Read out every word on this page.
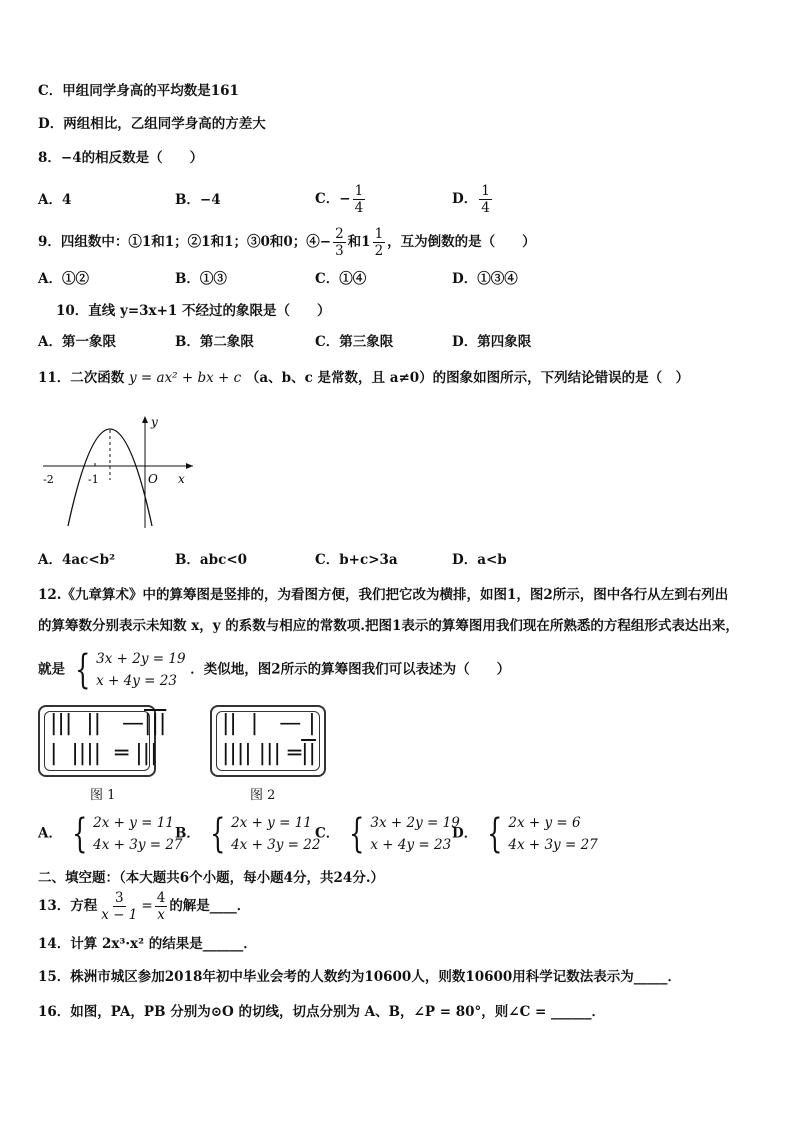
C．甲组同学身高的平均数是161
D．两组相比，乙组同学身高的方差大
8．−4的相反数是（　　）
A．4	B．−4	C．− $\frac{1}{4}$	D． $\frac{1}{4}$
9．四组数中：①1和1；②1和1；③0和0；④− $\frac{2}{3}$ 和$1 \frac{1}{2}$ ，互为倒数的是（　　）
A．①②	B．①③	C．①④	D．①③④
10．直线 y=3x+1 不经过的象限是（　　）
A．第一象限	B．第二象限	C．第三象限	D．第四象限
11．二次函数 y = ax² + bx + c （a、b、c 是常数，且 a≠0）的图象如图所示，下列结论错误的是（　）
y
x
O
-2	-1
A．4ac<b²	B．abc<0	C．b+c>3a	D．a<b
12.《九章算术》中的算筹图是竖排的，为看图方便，我们把它改为横排，如图1，图2所示，图中各行从左到右列出
的算筹数分别表示未知数 x，y 的系数与相应的常数项.把图1表示的算筹图用我们现在所熟悉的方程组形式表达出来，
就是 { 3x + 2y = 19
x + 4y = 23
．类似地，图2所示的算筹图我们可以表述为（　　）
|||  ||   —|||
|  ||||  ═ |||
图 1
||  |   — |
|||| ||| ═||
图 2
A． { 2x + y = 11
4x + 3y = 27
B． { 2x + y = 11
4x + 3y = 22
C． { 3x + 2y = 19
x + 4y = 23
D． { 2x + y = 6
4x + 3y = 27
二、填空题：（本大题共6个小题，每小题4分，共24分.）
13．方程 $\frac{3}{x - 1} = \frac{4}{x}$ 的解是____．
14．计算 2x³·x² 的结果是______．
15．株洲市城区参加2018年初中毕业会考的人数约为10600人，则数10600用科学记数法表示为_____．
16．如图，PA，PB 分别为⊙O 的切线，切点分别为 A、B，∠P = 80°，则∠C = ______．
